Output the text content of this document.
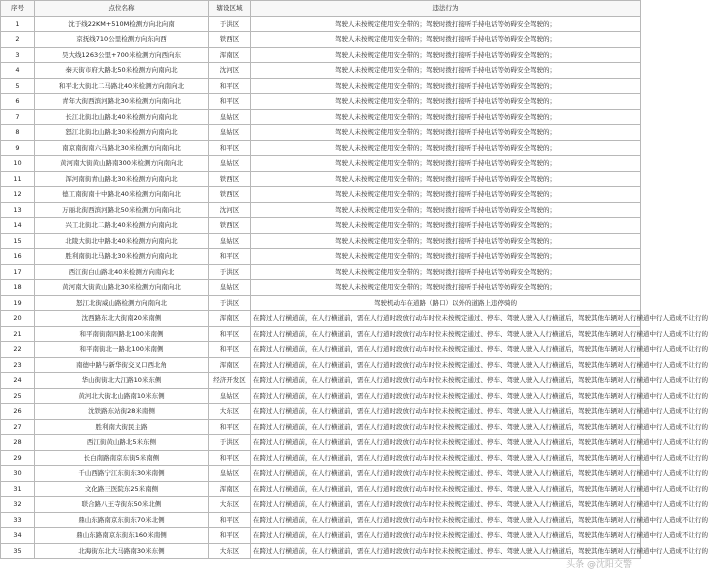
序号	点位名称	辖设区域	违法行为
1	沈于线22KM+510M检测方向北向南	于洪区	驾驶人未按规定使用安全带的；驾驶时拨打接听手持电话等妨碍安全驾驶的；
2	京抚线710公里检测方向东向西	铁西区	驾驶人未按规定使用安全带的；驾驶时拨打接听手持电话等妨碍安全驾驶的；
3	昊大线1263公里+700米检测方向西向东	浑南区	驾驶人未按规定使用安全带的；驾驶时拨打接听手持电话等妨碍安全驾驶的；
4	秦天街市府大路北50米检测方向南向北	沈河区	驾驶人未按规定使用安全带的；驾驶时拨打接听手持电话等妨碍安全驾驶的；
5	和平北大街北二马路北40米检测方向南向北	和平区	驾驶人未按规定使用安全带的；驾驶时拨打接听手持电话等妨碍安全驾驶的；
6	青年大街西滨河路北30米检测方向南向北	和平区	驾驶人未按规定使用安全带的；驾驶时拨打接听手持电话等妨碍安全驾驶的；
7	长江北街北山路北40米检测方向南向北	皇姑区	驾驶人未按规定使用安全带的；驾驶时拨打接听手持电话等妨碍安全驾驶的；
8	怒江北街北山路北30米检测方向南向北	皇姑区	驾驶人未按规定使用安全带的；驾驶时拨打接听手持电话等妨碍安全驾驶的；
9	南京南街南六马路北30米检测方向南向北	和平区	驾驶人未按规定使用安全带的；驾驶时拨打接听手持电话等妨碍安全驾驶的；
10	黄河南大街黄山路南300米检测方向南向北	皇姑区	驾驶人未按规定使用安全带的；驾驶时拨打接听手持电话等妨碍安全驾驶的；
11	浑河南街青山路北30米检测方向南向北	铁西区	驾驶人未按规定使用安全带的；驾驶时拨打接听手持电话等妨碍安全驾驶的；
12	德工南街南十中路北40米检测方向南向北	铁西区	驾驶人未按规定使用安全带的；驾驶时拨打接听手持电话等妨碍安全驾驶的；
13	万丽北街西滨河路北50米检测方向南向北	沈河区	驾驶人未按规定使用安全带的；驾驶时拨打接听手持电话等妨碍安全驾驶的；
14	兴工北街北二路北40米检测方向南向北	铁西区	驾驶人未按规定使用安全带的；驾驶时拨打接听手持电话等妨碍安全驾驶的；
15	北陵大街北中路北40米检测方向南向北	皇姑区	驾驶人未按规定使用安全带的；驾驶时拨打接听手持电话等妨碍安全驾驶的；
16	胜利南街北马路北30米检测方向南向北	和平区	驾驶人未按规定使用安全带的；驾驶时拨打接听手持电话等妨碍安全驾驶的；
17	西江街白山路北40米检测方向南向北	于洪区	驾驶人未按规定使用安全带的；驾驶时拨打接听手持电话等妨碍安全驾驶的；
18	黄河南大街黄山路北30米检测方向南向北	皇姑区	驾驶人未按规定使用安全带的；驾驶时拨打接听手持电话等妨碍安全驾驶的；
19	怒江北街威山路检测方向南向北	于洪区	驾驶机动车在道路（路口）以外的道路上违停骑的
20	沈西路东北大街南20米南侧	浑南区	在跨过人行横道前，在人行横道前，需在人行道时段放行动车时位未按规定通过、停车、驾驶人驶入人行横道后，驾驶其他车辆对人行横道中行人造成不让行的
21	和平南街南四路北100米南侧	和平区	在跨过人行横道前，在人行横道前，需在人行道时段放行动车时位未按规定通过、停车、驾驶人驶入人行横道后，驾驶其他车辆对人行横道中行人造成不让行的
22	和平南街北一路北100米南侧	和平区	在跨过人行横道前，在人行横道前，需在人行道时段放行动车时位未按规定通过、停车、驾驶人驶入人行横道后，驾驶其他车辆对人行横道中行人造成不让行的
23	南德中路与新华街交叉口西北角	浑南区	在跨过人行横道前，在人行横道前，需在人行道时段放行动车时位未按规定通过、停车、驾驶人驶入人行横道后，驾驶其他车辆对人行横道中行人造成不让行的
24	华山街街北大江路10米东侧	经济开发区	在跨过人行横道前，在人行横道前，需在人行道时段放行动车时位未按规定通过、停车、驾驶人驶入人行横道后，驾驶其他车辆对人行横道中行人造成不让行的
25	黄河北大街北山路南10米东侧	皇姑区	在跨过人行横道前，在人行横道前，需在人行道时段放行动车时位未按规定通过、停车、驾驶人驶入人行横道后，驾驶其他车辆对人行横道中行人造成不让行的
26	沈铁路东站街28米南侧	大东区	在跨过人行横道前，在人行横道前，需在人行道时段放行动车时位未按规定通过、停车、驾驶人驶入人行横道后，驾驶其他车辆对人行横道中行人造成不让行的
27	胜利南大街民主路	和平区	在跨过人行横道前，在人行横道前，需在人行道时段放行动车时位未按规定通过、停车、驾驶人驶入人行横道后，驾驶其他车辆对人行横道中行人造成不让行的
28	西江街黄山路北5米东侧	于洪区	在跨过人行横道前，在人行横道前，需在人行道时段放行动车时位未按规定通过、停车、驾驶人驶入人行横道后，驾驶其他车辆对人行横道中行人造成不让行的
29	长白南路南京东街5米南侧	和平区	在跨过人行横道前，在人行横道前，需在人行道时段放行动车时位未按规定通过、停车、驾驶人驶入人行横道后，驾驶其他车辆对人行横道中行人造成不让行的
30	千山西路宁江东街东30米南侧	皇姑区	在跨过人行横道前，在人行横道前，需在人行道时段放行动车时位未按规定通过、停车、驾驶人驶入人行横道后，驾驶其他车辆对人行横道中行人造成不让行的
31	文化路三医院东25米南侧	浑南区	在跨过人行横道前，在人行横道前，需在人行道时段放行动车时位未按规定通过、停车、驾驶人驶入人行横道后，驾驶其他车辆对人行横道中行人造成不让行的
32	联合路八王寺街东50米北侧	大东区	在跨过人行横道前，在人行横道前，需在人行道时段放行动车时位未按规定通过、停车、驾驶人驶入人行横道后，驾驶其他车辆对人行横道中行人造成不让行的
33	鼎山东路南京东街东70米北侧	和平区	在跨过人行横道前，在人行横道前，需在人行道时段放行动车时位未按规定通过、停车、驾驶人驶入人行横道后，驾驶其他车辆对人行横道中行人造成不让行的
34	鼎山东路南京东街东160米南侧	和平区	在跨过人行横道前，在人行横道前，需在人行道时段放行动车时位未按规定通过、停车、驾驶人驶入人行横道后，驾驶其他车辆对人行横道中行人造成不让行的
35	北海街东北大马路南30米东侧	大东区	在跨过人行横道前，在人行横道前，需在人行道时段放行动车时位未按规定通过、停车、驾驶人驶入人行横道后，驾驶其他车辆对人行横道中行人造成不让行的
头条 @沈阳交警
